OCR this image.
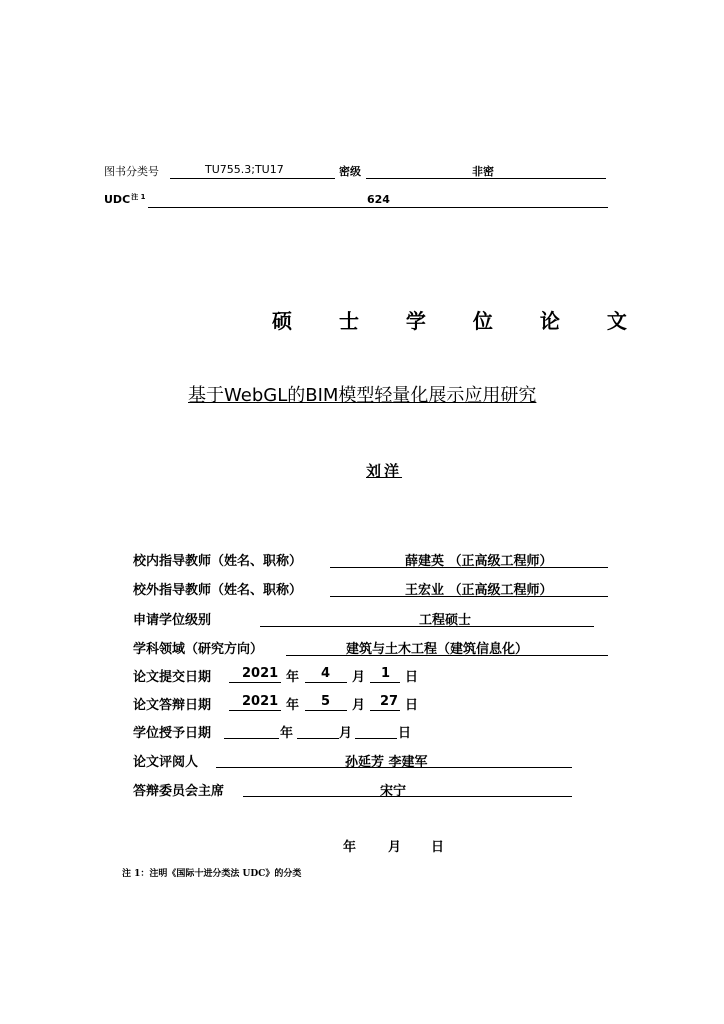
图书分类号	TU755.3;TU17	密级	非密
$UDC^{注 1}$	624
硕 士 学 位 论 文
基于WebGL的BIM模型轻量化展示应用研究
刘洋
校内指导教师（姓名、职称）	薛建英 （正高级工程师）
校外指导教师（姓名、职称）	王宏业 （正高级工程师）
申请学位级别	工程硕士
学科领域（研究方向）	建筑与土木工程（建筑信息化）
论文提交日期 2021 年 4 月 1 日
论文答辩日期 2021 年 5 月 27 日
学位授予日期	年	月	日
论文评阅人	孙延芳 李建军
答辩委员会主席	宋宁
年 月 日
注 1：注明《国际十进分类法 UDC》的分类
